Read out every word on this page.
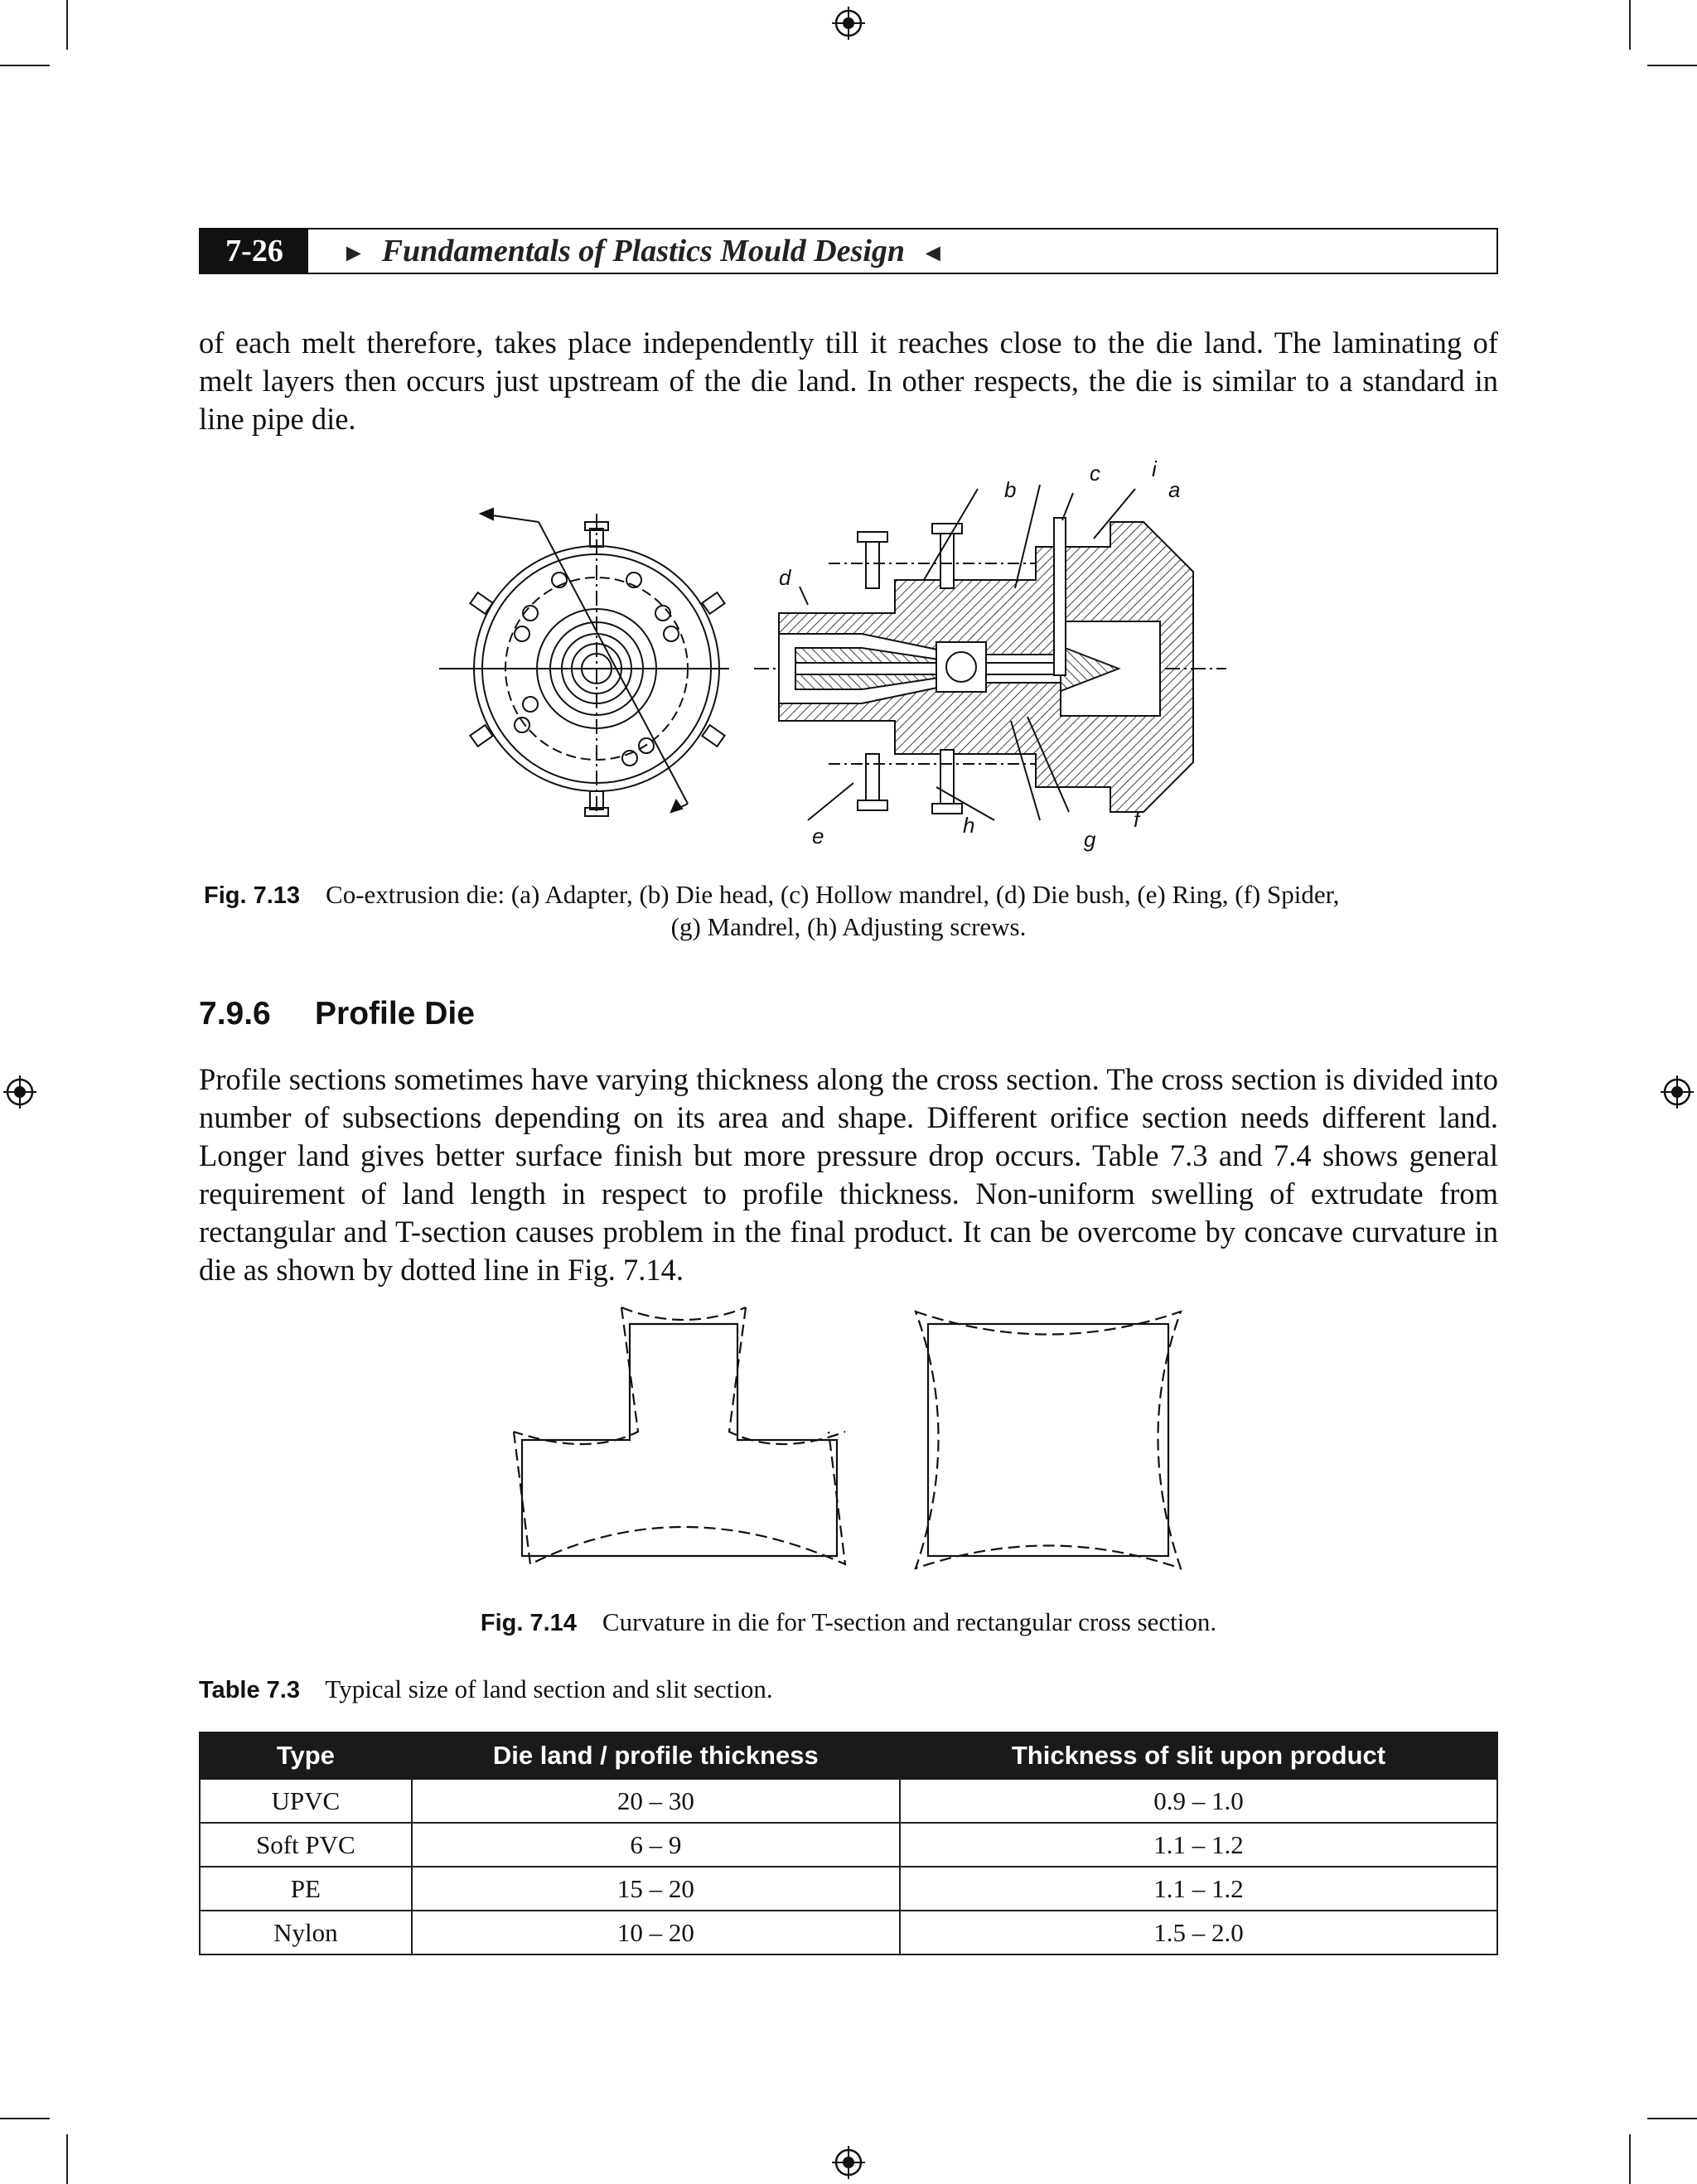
7-26	► Fundamentals of Plastics Mould Design ◄

of each melt therefore, takes place independently till it reaches close to the die land. The laminating of melt layers then occurs just upstream of the die land. In other respects, the die is similar to a standard in line pipe die.

a
b
c
d
e
f
g
h
i
Fig. 7.13 Co-extrusion die: (a) Adapter, (b) Die head, (c) Hollow mandrel, (d) Die bush, (e) Ring, (f) Spider,
(g) Mandrel, (h) Adjusting screws.
7.9.6 Profile Die

Profile sections sometimes have varying thickness along the cross section. The cross section is divided into number of subsections depending on its area and shape. Different orifice section needs different land. Longer land gives better surface finish but more pressure drop occurs. Table 7.3 and 7.4 shows general requirement of land length in respect to profile thickness. Non-uniform swelling of extrudate from rectangular and T-section causes problem in the final product. It can be overcome by concave curvature in die as shown by dotted line in Fig. 7.14.

Fig. 7.14 Curvature in die for T-section and rectangular cross section.
Table 7.3 Typical size of land section and slit section.
Type	Die land / profile thickness	Thickness of slit upon product
UPVC	20 – 30	0.9 – 1.0
Soft PVC	6 – 9	1.1 – 1.2
PE	15 – 20	1.1 – 1.2
Nylon	10 – 20	1.5 – 2.0
